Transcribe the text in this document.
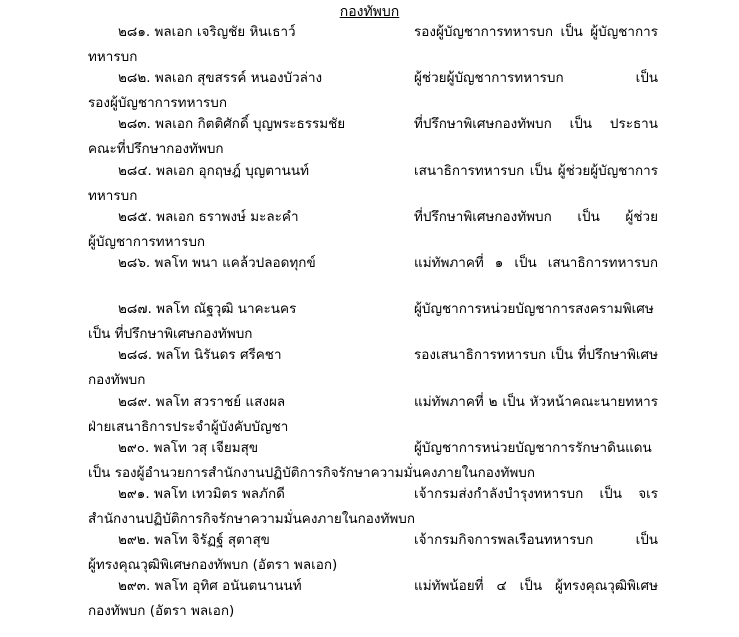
กองทัพบก
๒๘๑. พลเอก เจริญชัย หินเธาว์	รองผู้บัญชาการทหารบก เป็น ผู้บัญชาการ
ทหารบก
๒๘๒. พลเอก สุขสรรค์ หนองบัวล่าง	ผู้ช่วยผู้บัญชาการทหารบก เป็น
รองผู้บัญชาการทหารบก
๒๘๓. พลเอก กิตติศักดิ์ บุญพระธรรมชัย	ที่ปรึกษาพิเศษกองทัพบก เป็น ประธาน
คณะที่ปรึกษากองทัพบก
๒๘๔. พลเอก อุกฤษฎ์ บุญตานนท์	เสนาธิการทหารบก เป็น ผู้ช่วยผู้บัญชาการ
ทหารบก
๒๘๕. พลเอก ธราพงษ์ มะละคำ	ที่ปรึกษาพิเศษกองทัพบก เป็น ผู้ช่วย
ผู้บัญชาการทหารบก
๒๘๖. พลโท พนา แคล้วปลอดทุกข์	แม่ทัพภาคที่ ๑ เป็น เสนาธิการทหารบก
๒๘๗. พลโท ณัฐวุฒิ นาคะนคร	ผู้บัญชาการหน่วยบัญชาการสงครามพิเศษ
เป็น ที่ปรึกษาพิเศษกองทัพบก
๒๘๘. พลโท นิรันดร ศรีคชา	รองเสนาธิการทหารบก เป็น ที่ปรึกษาพิเศษ
กองทัพบก
๒๘๙. พลโท สวราชย์ แสงผล	แม่ทัพภาคที่ ๒ เป็น หัวหน้าคณะนายทหาร
ฝ่ายเสนาธิการประจำผู้บังคับบัญชา
๒๙๐. พลโท วสุ เจียมสุข	ผู้บัญชาการหน่วยบัญชาการรักษาดินแดน
เป็น รองผู้อำนวยการสำนักงานปฏิบัติการกิจรักษาความมั่นคงภายในกองทัพบก
๒๙๑. พลโท เทวมิตร พลภักดี	เจ้ากรมส่งกำลังบำรุงทหารบก เป็น จเร
สำนักงานปฏิบัติการกิจรักษาความมั่นคงภายในกองทัพบก
๒๙๒. พลโท จิรัฏฐ์ สุตาสุข	เจ้ากรมกิจการพลเรือนทหารบก เป็น
ผู้ทรงคุณวุฒิพิเศษกองทัพบก (อัตรา พลเอก)
๒๙๓. พลโท อุทิศ อนันตนานนท์	แม่ทัพน้อยที่ ๔ เป็น ผู้ทรงคุณวุฒิพิเศษ
กองทัพบก (อัตรา พลเอก)
